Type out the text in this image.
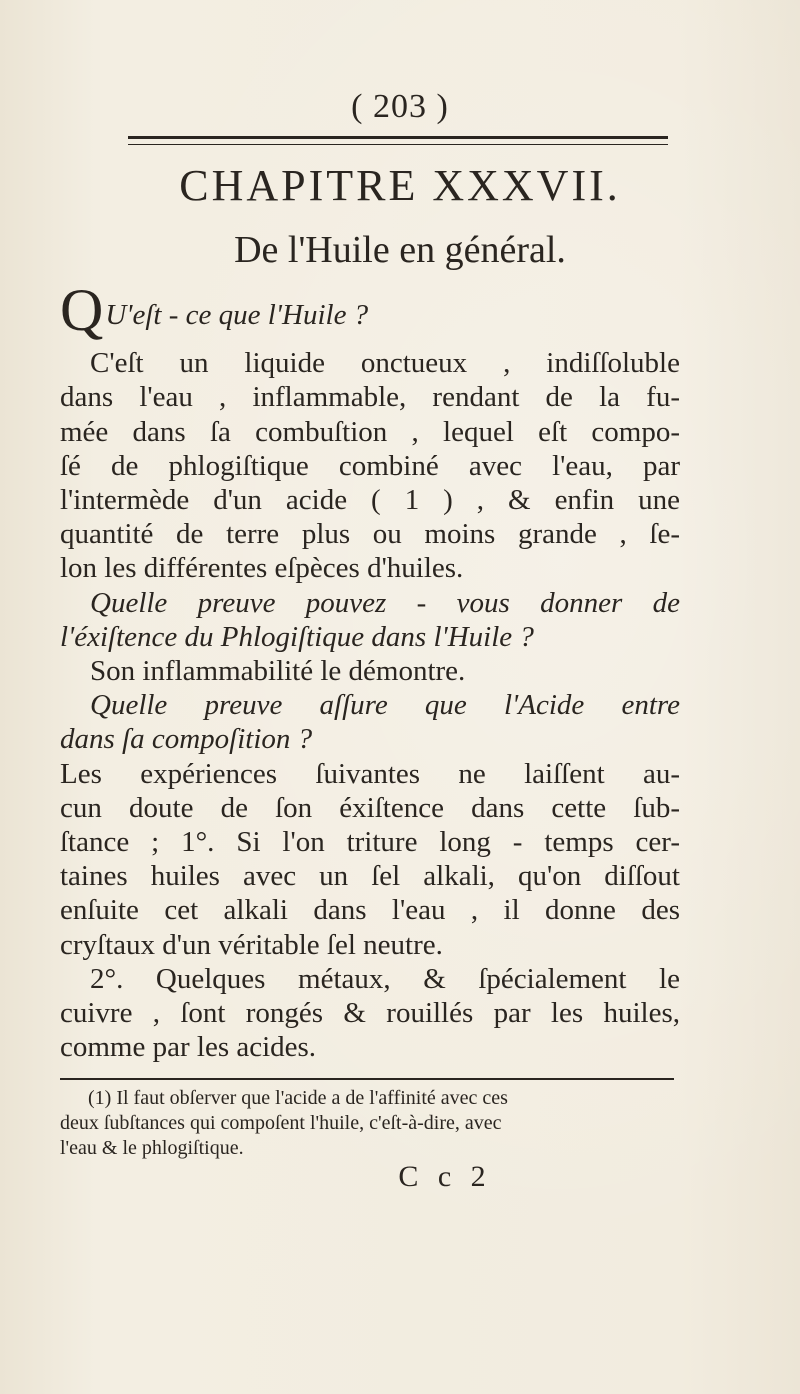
( 203 )
CHAPITRE XXXVII.
De l'Huile en général.

QU'eſt - ce que l'Huile ?

C'eſt un liquide onctueux , indiſſoluble
dans l'eau , inflammable, rendant de la fu-
mée dans ſa combuſtion , lequel eſt compo-
ſé de phlogiſtique combiné avec l'eau, par
l'intermède d'un acide ( 1 ) , & enfin une
quantité de terre plus ou moins grande , ſe-
lon les différentes eſpèces d'huiles.

Quelle preuve pouvez - vous donner de
l'éxiſtence du Phlogiſtique dans l'Huile ?

Son inflammabilité le démontre.

Quelle preuve aſſure que l'Acide entre
dans ſa compoſition ?

Les expériences ſuivantes ne laiſſent au-
cun doute de ſon éxiſtence dans cette ſub-
ſtance ; 1°. Si l'on triture long - temps cer-
taines huiles avec un ſel alkali, qu'on diſſout
enſuite cet alkali dans l'eau , il donne des
cryſtaux d'un véritable ſel neutre.

2°. Quelques métaux, & ſpécialement le
cuivre , ſont rongés & rouillés par les huiles,
comme par les acides.

(1) Il faut obſerver que l'acide a de l'affinité avec ces
deux ſubſtances qui compoſent l'huile, c'eſt-à-dire, avec
l'eau & le phlogiſtique.
C c 2
